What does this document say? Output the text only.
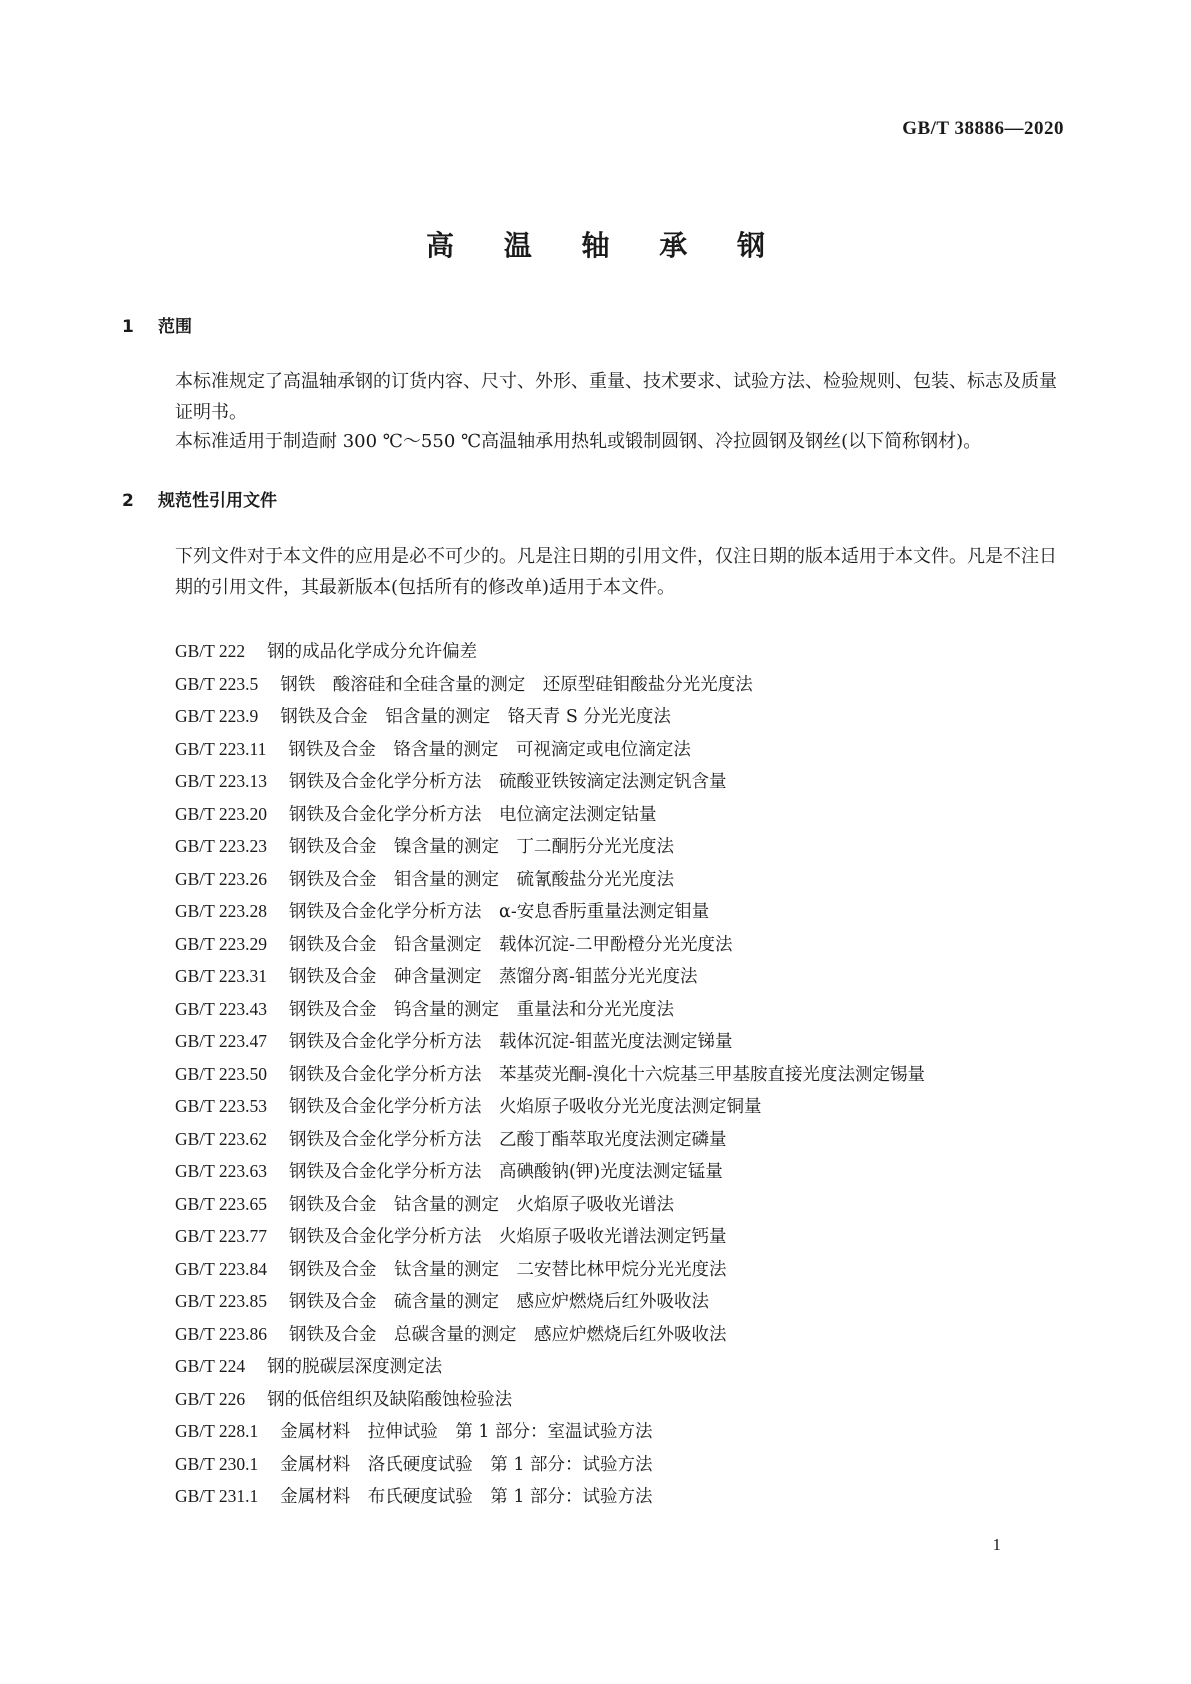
GB/T 38886—2020
高 温 轴 承 钢
1 范围
本标准规定了高温轴承钢的订货内容、尺寸、外形、重量、技术要求、试验方法、检验规则、包装、标志及质量证明书。
本标准适用于制造耐 300 ℃～550 ℃高温轴承用热轧或锻制圆钢、冷拉圆钢及钢丝(以下简称钢材)。
2 规范性引用文件
下列文件对于本文件的应用是必不可少的。凡是注日期的引用文件，仅注日期的版本适用于本文件。凡是不注日期的引用文件，其最新版本(包括所有的修改单)适用于本文件。
GB/T 222 钢的成品化学成分允许偏差
GB/T 223.5 钢铁　酸溶硅和全硅含量的测定　还原型硅钼酸盐分光光度法
GB/T 223.9 钢铁及合金　铝含量的测定　铬天青 S 分光光度法
GB/T 223.11 钢铁及合金　铬含量的测定　可视滴定或电位滴定法
GB/T 223.13 钢铁及合金化学分析方法　硫酸亚铁铵滴定法测定钒含量
GB/T 223.20 钢铁及合金化学分析方法　电位滴定法测定钴量
GB/T 223.23 钢铁及合金　镍含量的测定　丁二酮肟分光光度法
GB/T 223.26 钢铁及合金　钼含量的测定　硫氰酸盐分光光度法
GB/T 223.28 钢铁及合金化学分析方法　α-安息香肟重量法测定钼量
GB/T 223.29 钢铁及合金　铅含量测定　载体沉淀-二甲酚橙分光光度法
GB/T 223.31 钢铁及合金　砷含量测定　蒸馏分离-钼蓝分光光度法
GB/T 223.43 钢铁及合金　钨含量的测定　重量法和分光光度法
GB/T 223.47 钢铁及合金化学分析方法　载体沉淀-钼蓝光度法测定锑量
GB/T 223.50 钢铁及合金化学分析方法　苯基荧光酮-溴化十六烷基三甲基胺直接光度法测定锡量
GB/T 223.53 钢铁及合金化学分析方法　火焰原子吸收分光光度法测定铜量
GB/T 223.62 钢铁及合金化学分析方法　乙酸丁酯萃取光度法测定磷量
GB/T 223.63 钢铁及合金化学分析方法　高碘酸钠(钾)光度法测定锰量
GB/T 223.65 钢铁及合金　钴含量的测定　火焰原子吸收光谱法
GB/T 223.77 钢铁及合金化学分析方法　火焰原子吸收光谱法测定钙量
GB/T 223.84 钢铁及合金　钛含量的测定　二安替比林甲烷分光光度法
GB/T 223.85 钢铁及合金　硫含量的测定　感应炉燃烧后红外吸收法
GB/T 223.86 钢铁及合金　总碳含量的测定　感应炉燃烧后红外吸收法
GB/T 224 钢的脱碳层深度测定法
GB/T 226 钢的低倍组织及缺陷酸蚀检验法
GB/T 228.1 金属材料　拉伸试验　第 1 部分：室温试验方法
GB/T 230.1 金属材料　洛氏硬度试验　第 1 部分：试验方法
GB/T 231.1 金属材料　布氏硬度试验　第 1 部分：试验方法
1
